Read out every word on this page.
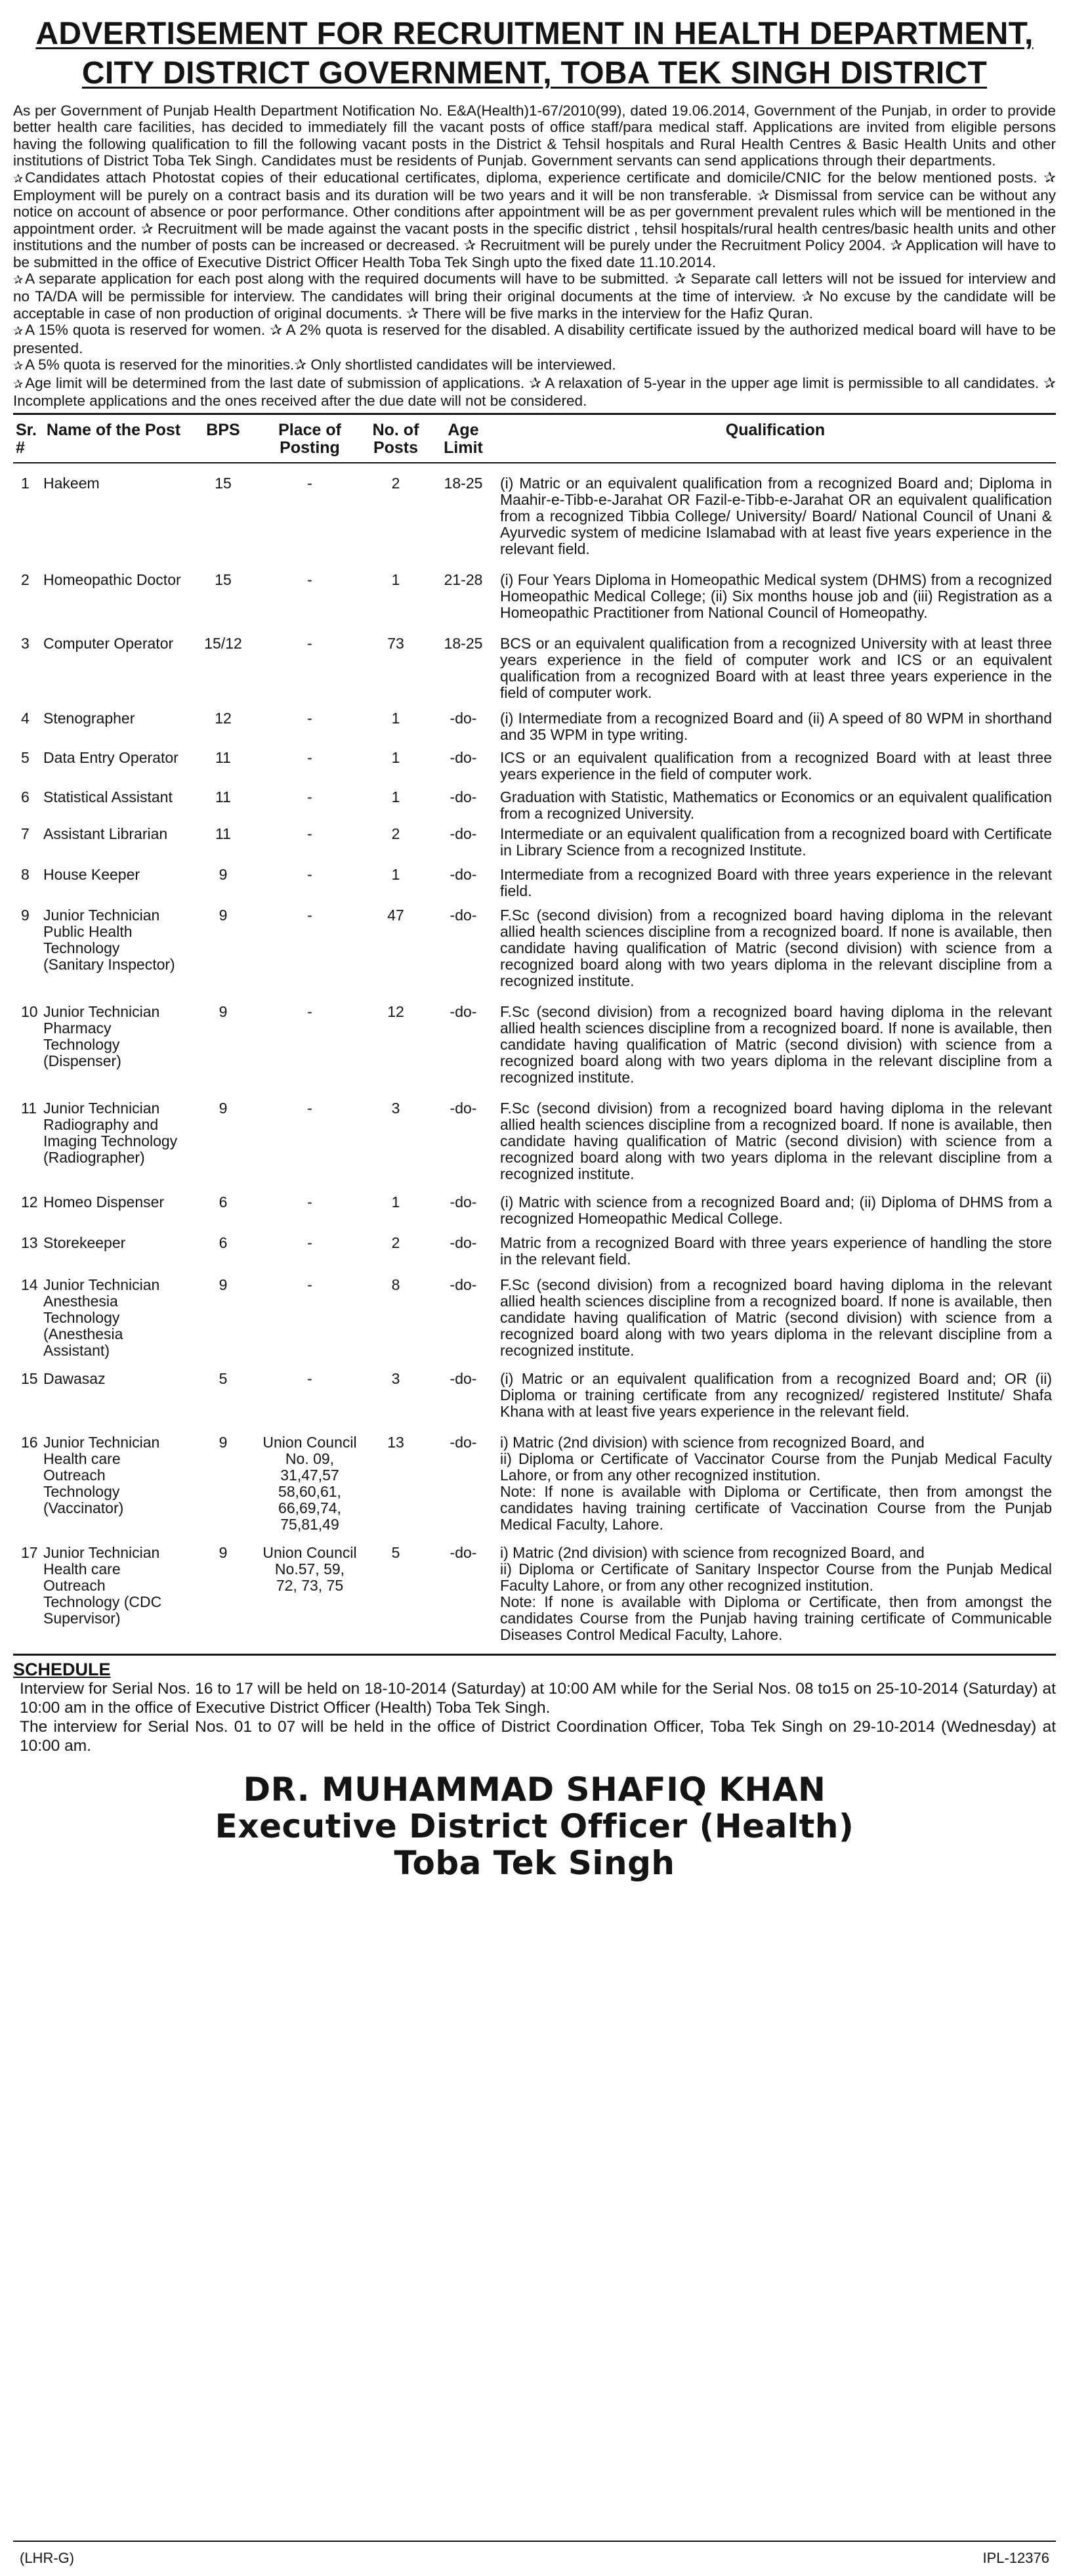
ADVERTISEMENT FOR RECRUITMENT IN HEALTH DEPARTMENT,
CITY DISTRICT GOVERNMENT, TOBA TEK SINGH DISTRICT

As per Government of Punjab Health Department Notification No. E&A(Health)1-67/2010(99), dated 19.06.2014, Government of the Punjab, in order to provide better health care facilities, has decided to immediately fill the vacant posts of office staff/para medical staff. Applications are invited from eligible persons having the following qualification to fill the following vacant posts in the District & Tehsil hospitals and Rural Health Centres & Basic Health Units and other institutions of District Toba Tek Singh. Candidates must be residents of Punjab. Government servants can send applications through their departments.

✰ Candidates attach Photostat copies of their educational certificates, diploma, experience certificate and domicile/CNIC for the below mentioned posts. ✰ Employment will be purely on a contract basis and its duration will be two years and it will be non transferable. ✰ Dismissal from service can be without any notice on account of absence or poor performance. Other conditions after appointment will be as per government prevalent rules which will be mentioned in the appointment order. ✰ Recruitment will be made against the vacant posts in the specific district , tehsil hospitals/rural health centres/basic health units and other institutions and the number of posts can be increased or decreased. ✰ Recruitment will be purely under the Recruitment Policy 2004. ✰ Application will have to be submitted in the office of Executive District Officer Health Toba Tek Singh upto the fixed date 11.10.2014.

✰ A separate application for each post along with the required documents will have to be submitted. ✰ Separate call letters will not be issued for interview and no TA/DA will be permissible for interview. The candidates will bring their original documents at the time of interview. ✰ No excuse by the candidate will be acceptable in case of non production of original documents. ✰ There will be five marks in the interview for the Hafiz Quran.

✰ A 15% quota is reserved for women. ✰ A 2% quota is reserved for the disabled. A disability certificate issued by the authorized medical board will have to be presented.

✰ A 5% quota is reserved for the minorities.✰ Only shortlisted candidates will be interviewed.

✰ Age limit will be determined from the last date of submission of applications. ✰ A relaxation of 5-year in the upper age limit is permissible to all candidates. ✰ Incomplete applications and the ones received after the due date will not be considered.

Sr. #	Name of the Post	BPS	Place of Posting	No. of Posts	Age Limit	Qualification
1	Hakeem	15	-	2	18-25	(i) Matric or an equivalent qualification from a recognized Board and; Diploma in Maahir-e-Tibb-e-Jarahat OR Fazil-e-Tibb-e-Jarahat OR an equivalent qualification from a recognized Tibbia College/ University/ Board/ National Council of Unani & Ayurvedic system of medicine Islamabad with at least five years experience in the relevant field.

2	Homeopathic Doctor	15	-	1	21-28	(i) Four Years Diploma in Homeopathic Medical system (DHMS) from a recognized Homeopathic Medical College; (ii) Six months house job and (iii) Registration as a Homeopathic Practitioner from National Council of Homeopathy.

3	Computer Operator	15/12	-	73	18-25	BCS or an equivalent qualification from a recognized University with at least three years experience in the field of computer work and ICS or an equivalent qualification from a recognized Board with at least three years experience in the field of computer work.

4	Stenographer	12	-	1	-do-	(i) Intermediate from a recognized Board and (ii) A speed of 80 WPM in shorthand and 35 WPM in type writing.

5	Data Entry Operator	11	-	1	-do-	ICS or an equivalent qualification from a recognized Board with at least three years experience in the field of computer work.

6	Statistical Assistant	11	-	1	-do-	Graduation with Statistic, Mathematics or Economics or an equivalent qualification from a recognized University.

7	Assistant Librarian	11	-	2	-do-	Intermediate or an equivalent qualification from a recognized board with Certificate in Library Science from a recognized Institute.

8	House Keeper	9	-	1	-do-	Intermediate from a recognized Board with three years experience in the relevant field.

9	Junior Technician Public Health Technology (Sanitary Inspector)	9	-	47	-do-	F.Sc (second division) from a recognized board having diploma in the relevant allied health sciences discipline from a recognized board. If none is available, then candidate having qualification of Matric (second division) with science from a recognized board along with two years diploma in the relevant discipline from a recognized institute.

10	Junior Technician Pharmacy Technology (Dispenser)	9	-	12	-do-	F.Sc (second division) from a recognized board having diploma in the relevant allied health sciences discipline from a recognized board. If none is available, then candidate having qualification of Matric (second division) with science from a recognized board along with two years diploma in the relevant discipline from a recognized institute.

11	Junior Technician Radiography and Imaging Technology (Radiographer)	9	-	3	-do-	F.Sc (second division) from a recognized board having diploma in the relevant allied health sciences discipline from a recognized board. If none is available, then candidate having qualification of Matric (second division) with science from a recognized board along with two years diploma in the relevant discipline from a recognized institute.

12	Homeo Dispenser	6	-	1	-do-	(i) Matric with science from a recognized Board and; (ii) Diploma of DHMS from a recognized Homeopathic Medical College.

13	Storekeeper	6	-	2	-do-	Matric from a recognized Board with three years experience of handling the store in the relevant field.

14	Junior Technician Anesthesia Technology (Anesthesia Assistant)	9	-	8	-do-	F.Sc (second division) from a recognized board having diploma in the relevant allied health sciences discipline from a recognized board. If none is available, then candidate having qualification of Matric (second division) with science from a recognized board along with two years diploma in the relevant discipline from a recognized institute.

15	Dawasaz	5	-	3	-do-	(i) Matric or an equivalent qualification from a recognized Board and; OR (ii) Diploma or training certificate from any recognized/ registered Institute/ Shafa Khana with at least five years experience in the relevant field.

16	Junior Technician Health care Outreach Technology (Vaccinator)	9	Union Council No. 09, 31,47,57 58,60,61, 66,69,74, 75,81,49	13	-do-	i) Matric (2nd division) with science from recognized Board, and
ii) Diploma or Certificate of Vaccinator Course from the Punjab Medical Faculty Lahore, or from any other recognized institution.
Note: If none is available with Diploma or Certificate, then from amongst the candidates having training certificate of Vaccination Course from the Punjab Medical Faculty, Lahore.

17	Junior Technician Health care Outreach Technology (CDC Supervisor)	9	Union Council No.57, 59, 72, 73, 75	5	-do-	i) Matric (2nd division) with science from recognized Board, and
ii) Diploma or Certificate of Sanitary Inspector Course from the Punjab Medical Faculty Lahore, or from any other recognized institution.
Note: If none is available with Diploma or Certificate, then from amongst the candidates Course from the Punjab having training certificate of Communicable Diseases Control Medical Faculty, Lahore.
SCHEDULE

Interview for Serial Nos. 16 to 17 will be held on 18-10-2014 (Saturday) at 10:00 AM while for the Serial Nos. 08 to15 on 25-10-2014 (Saturday) at 10:00 am in the office of Executive District Officer (Health) Toba Tek Singh.

The interview for Serial Nos. 01 to 07 will be held in the office of District Coordination Officer, Toba Tek Singh on 29-10-2014 (Wednesday) at 10:00 am.

DR. MUHAMMAD SHAFIQ KHAN
Executive District Officer (Health)
Toba Tek Singh
(LHR-G)	IPL-12376
